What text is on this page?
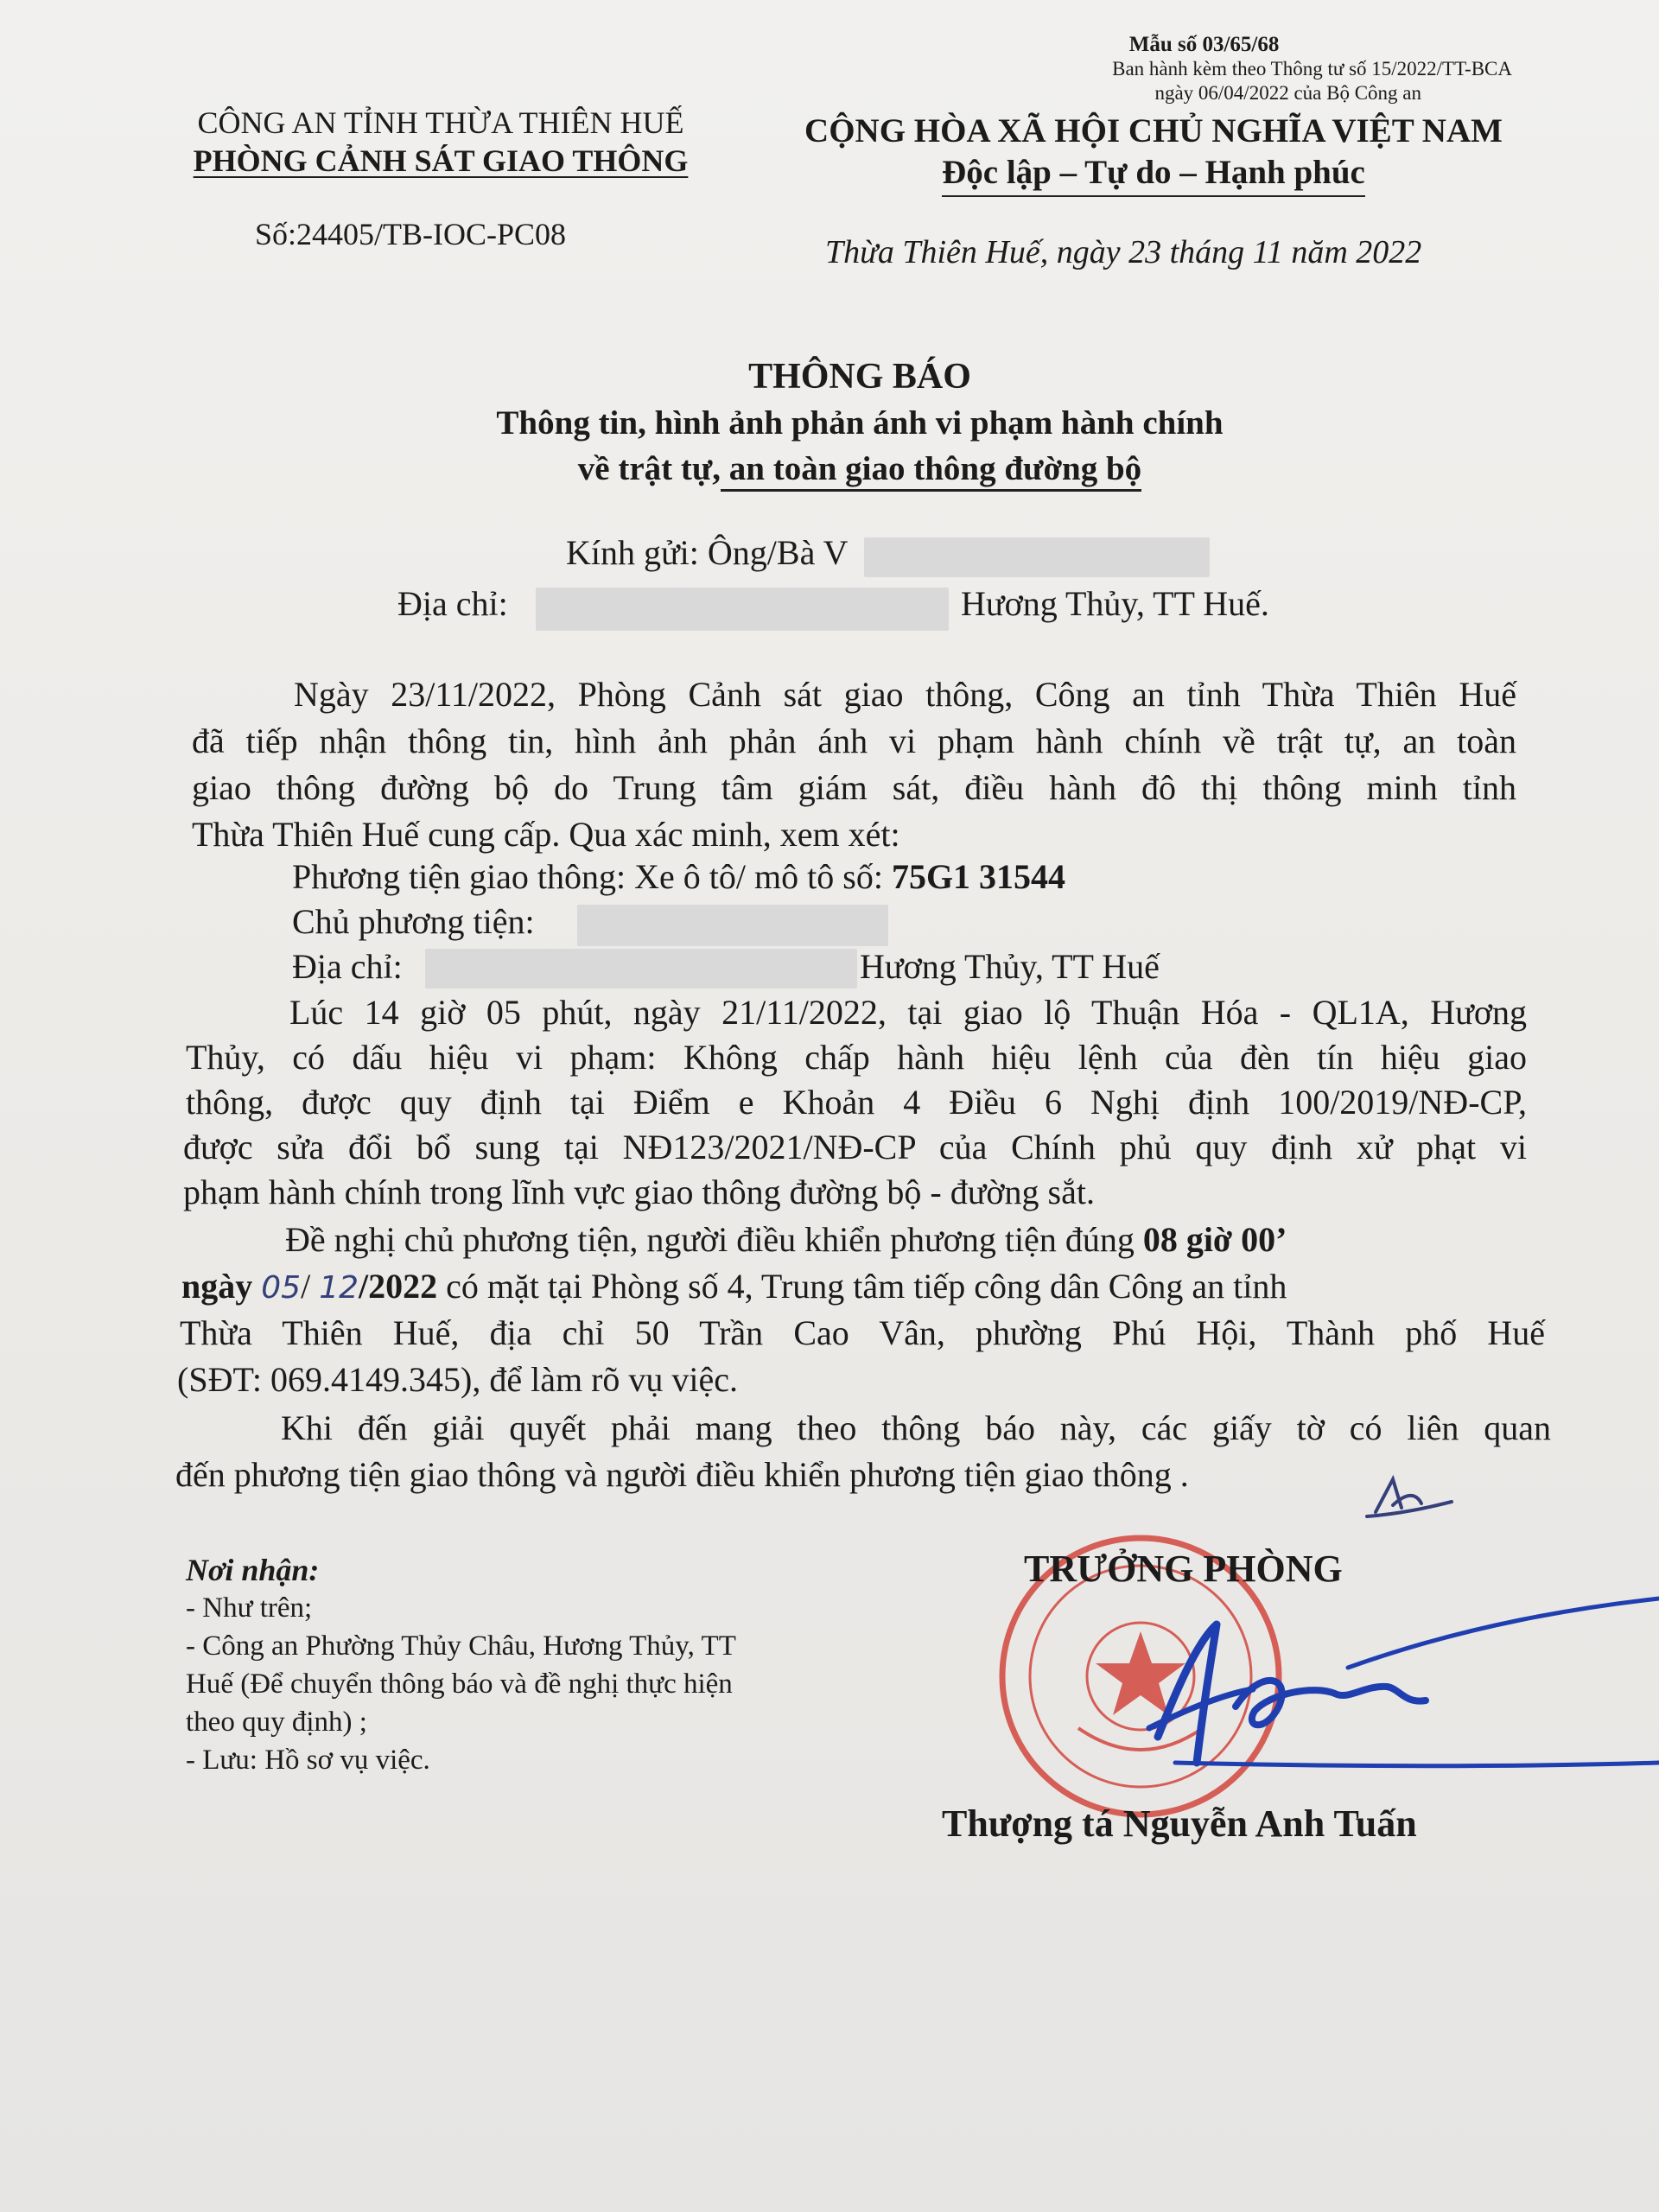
Mẫu số 03/65/68
Ban hành kèm theo Thông tư số 15/2022/TT-BCA
ngày 06/04/2022 của Bộ Công an
CÔNG AN TỈNH THỪA THIÊN HUẾ
PHÒNG CẢNH SÁT GIAO THÔNG
CỘNG HÒA XÃ HỘI CHỦ NGHĨA VIỆT NAM
Độc lập – Tự do – Hạnh phúc
Số:24405/TB-IOC-PC08	Thừa Thiên Huế, ngày 23 tháng 11 năm 2022
THÔNG BÁO
Thông tin, hình ảnh phản ánh vi phạm hành chính
về trật tự, an toàn giao thông đường bộ
Kính gửi: Ông/Bà V
Địa chỉ:	Hương Thủy, TT Huế.
Ngày 23/11/2022, Phòng Cảnh sát giao thông, Công an tỉnh Thừa Thiên Huế
đã tiếp nhận thông tin, hình ảnh phản ánh vi phạm hành chính về trật tự, an toàn
giao thông đường bộ do Trung tâm giám sát, điều hành đô thị thông minh tỉnh
Thừa Thiên Huế cung cấp. Qua xác minh, xem xét:
Phương tiện giao thông: Xe ô tô/ mô tô số: 75G1 31544
Chủ phương tiện:
Địa chỉ:	Hương Thủy, TT Huế
Lúc 14 giờ 05 phút, ngày 21/11/2022, tại giao lộ Thuận Hóa - QL1A, Hương
Thủy, có dấu hiệu vi phạm: Không chấp hành hiệu lệnh của đèn tín hiệu giao
thông, được quy định tại Điểm e Khoản 4 Điều 6 Nghị định 100/2019/NĐ-CP,
được sửa đổi bổ sung tại NĐ123/2021/NĐ-CP của Chính phủ quy định xử phạt vi
phạm hành chính trong lĩnh vực giao thông đường bộ - đường sắt.
Đề nghị chủ phương tiện, người điều khiển phương tiện đúng 08 giờ 00’
ngày 05/ 12/2022 có mặt tại Phòng số 4, Trung tâm tiếp công dân Công an tỉnh
Thừa Thiên Huế, địa chỉ 50 Trần Cao Vân, phường Phú Hội, Thành phố Huế
(SĐT: 069.4149.345), để làm rõ vụ việc.
Khi đến giải quyết phải mang theo thông báo này, các giấy tờ có liên quan
đến phương tiện giao thông và người điều khiển phương tiện giao thông .
Nơi nhận:
- Như trên;
- Công an Phường Thủy Châu, Hương Thủy, TT
Huế (Để chuyển thông báo và đề nghị thực hiện
theo quy định) ;
- Lưu: Hồ sơ vụ việc.
TRƯỞNG PHÒNG
Thượng tá Nguyễn Anh Tuấn
